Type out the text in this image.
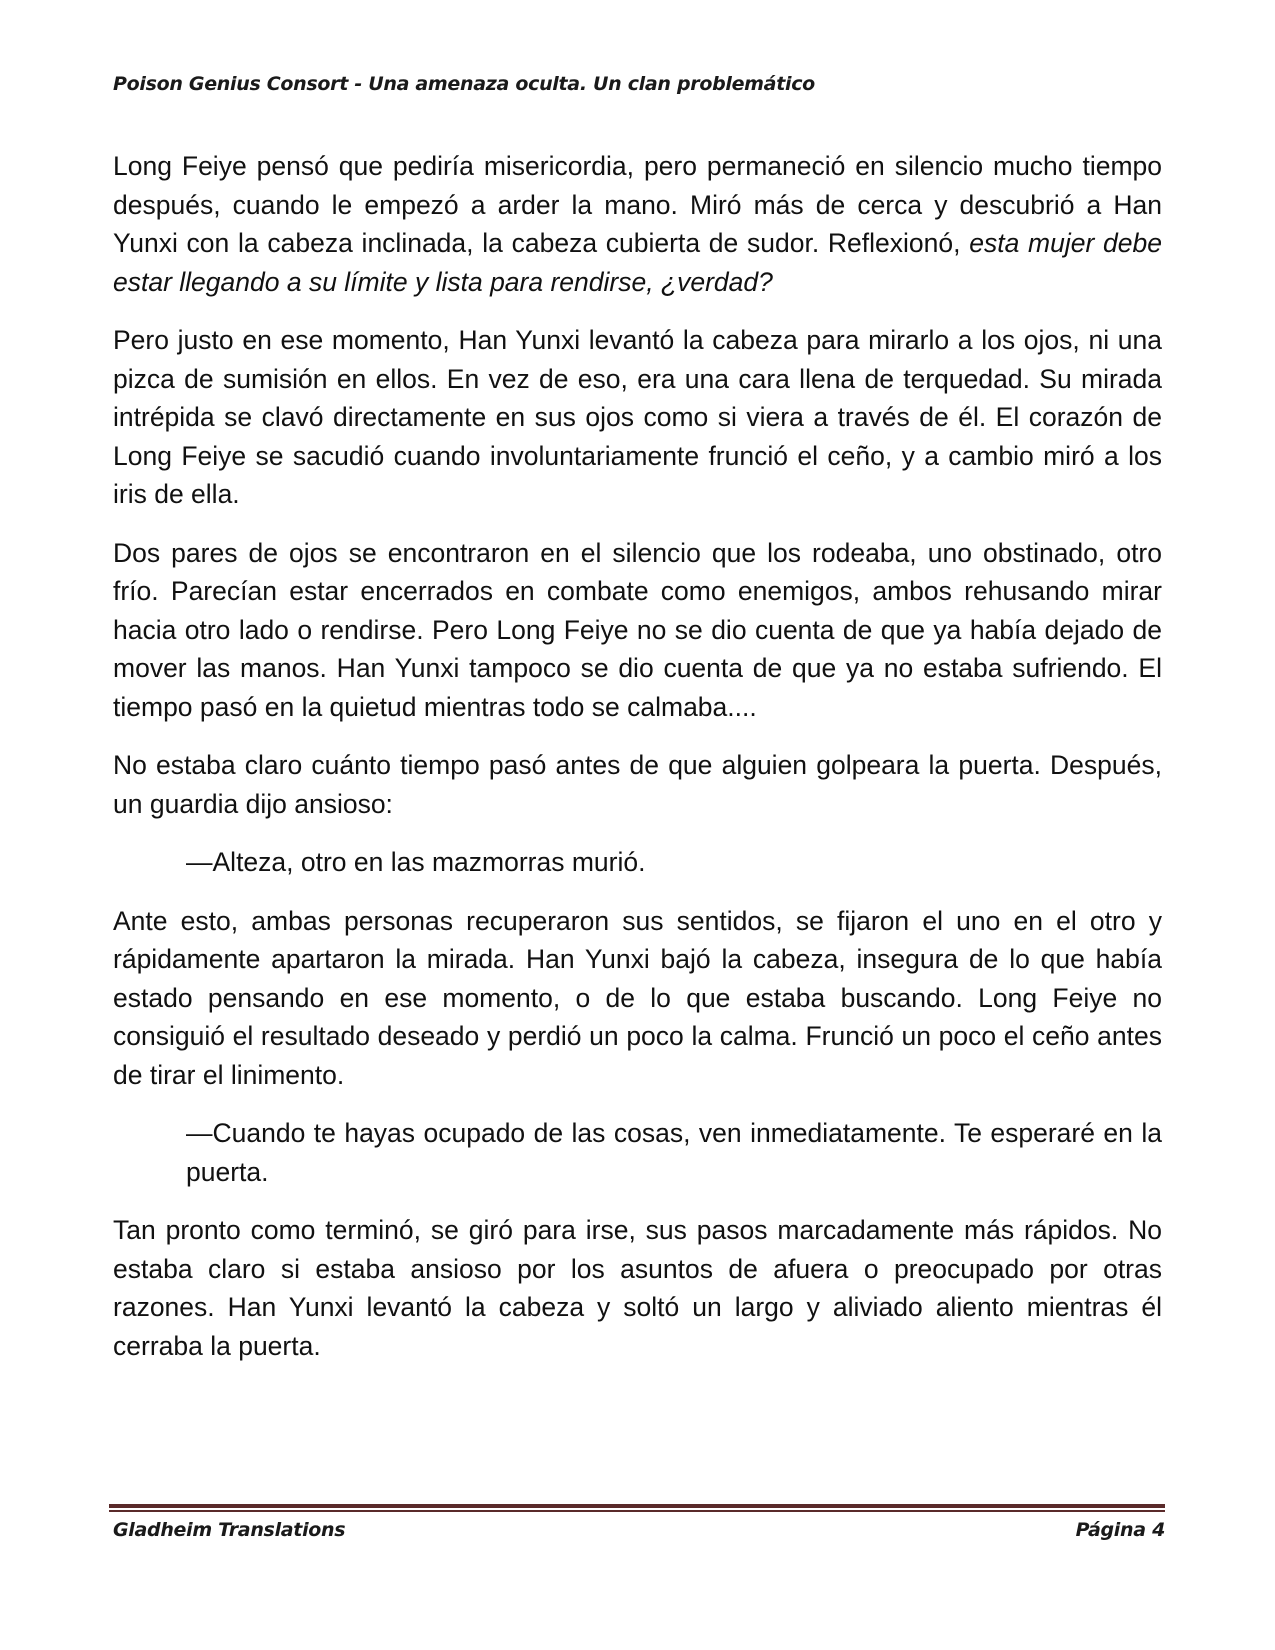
Poison Genius Consort - Una amenaza oculta. Un clan problemático

Long Feiye pensó que pediría misericordia, pero permaneció en silencio mucho tiempo después, cuando le empezó a arder la mano. Miró más de cerca y descubrió a Han Yunxi con la cabeza inclinada, la cabeza cubierta de sudor. Reflexionó, esta mujer debe estar llegando a su límite y lista para rendirse, ¿verdad?

Pero justo en ese momento, Han Yunxi levantó la cabeza para mirarlo a los ojos, ni una pizca de sumisión en ellos. En vez de eso, era una cara llena de terquedad. Su mirada intrépida se clavó directamente en sus ojos como si viera a través de él. El corazón de Long Feiye se sacudió cuando involuntariamente frunció el ceño, y a cambio miró a los iris de ella.

Dos pares de ojos se encontraron en el silencio que los rodeaba, uno obstinado, otro frío. Parecían estar encerrados en combate como enemigos, ambos rehusando mirar hacia otro lado o rendirse. Pero Long Feiye no se dio cuenta de que ya había dejado de mover las manos. Han Yunxi tampoco se dio cuenta de que ya no estaba sufriendo. El tiempo pasó en la quietud mientras todo se calmaba....

No estaba claro cuánto tiempo pasó antes de que alguien golpeara la puerta. Después, un guardia dijo ansioso:

—Alteza, otro en las mazmorras murió.

Ante esto, ambas personas recuperaron sus sentidos, se fijaron el uno en el otro y rápidamente apartaron la mirada. Han Yunxi bajó la cabeza, insegura de lo que había estado pensando en ese momento, o de lo que estaba buscando. Long Feiye no consiguió el resultado deseado y perdió un poco la calma. Frunció un poco el ceño antes de tirar el linimento.

—Cuando te hayas ocupado de las cosas, ven inmediatamente. Te esperaré en la puerta.

Tan pronto como terminó, se giró para irse, sus pasos marcadamente más rápidos. No estaba claro si estaba ansioso por los asuntos de afuera o preocupado por otras razones. Han Yunxi levantó la cabeza y soltó un largo y aliviado aliento mientras él cerraba la puerta.

Gladheim Translations	Página 4
